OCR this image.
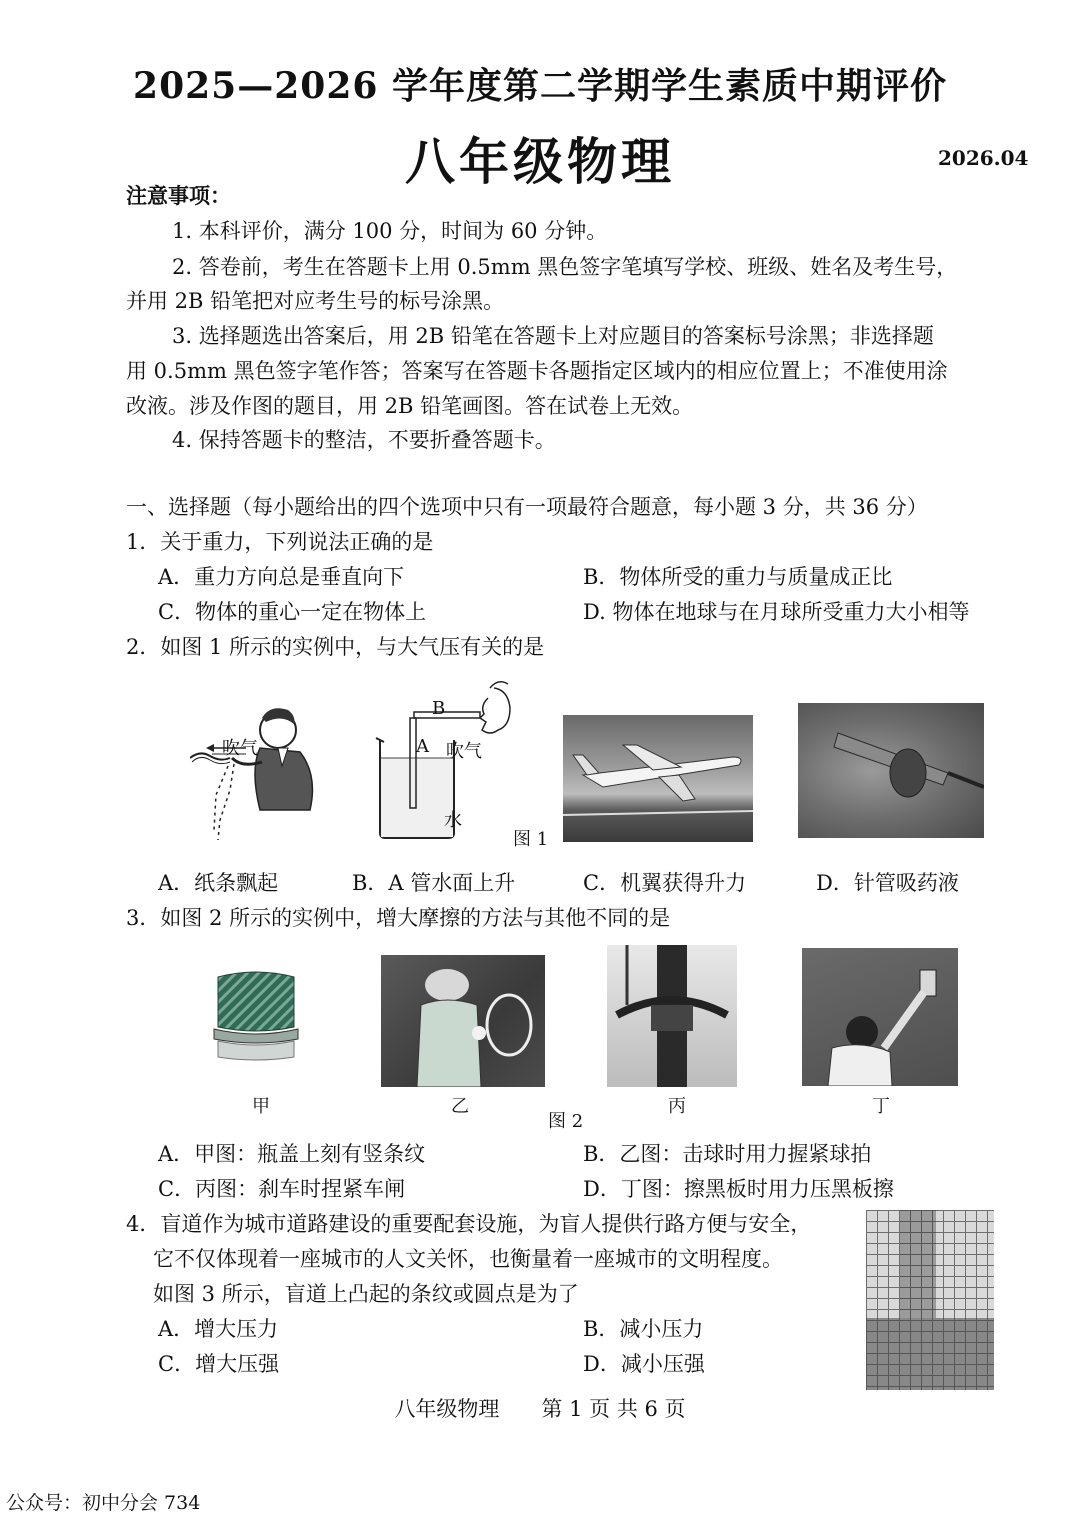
2025—2026 学年度第二学期学生素质中期评价
八年级物理	2026.04
注意事项：
1. 本科评价，满分 100 分，时间为 60 分钟。
2. 答卷前，考生在答题卡上用 0.5mm 黑色签字笔填写学校、班级、姓名及考生号，
并用 2B 铅笔把对应考生号的标号涂黑。
3. 选择题选出答案后，用 2B 铅笔在答题卡上对应题目的答案标号涂黑；非选择题
用 0.5mm 黑色签字笔作答；答案写在答题卡各题指定区域内的相应位置上；不准使用涂
改液。涉及作图的题目，用 2B 铅笔画图。答在试卷上无效。
4. 保持答题卡的整洁，不要折叠答题卡。
一、选择题（每小题给出的四个选项中只有一项最符合题意，每小题 3 分，共 36 分）
1．关于重力，下列说法正确的是
A．重力方向总是垂直向下	B．物体所受的重力与质量成正比
C．物体的重心一定在物体上	D. 物体在地球与在月球所受重力大小相等
2．如图 1 所示的实例中，与大气压有关的是
吹气
B
A 吹气
水
图 1
A．纸条飘起	B．A 管水面上升	C．机翼获得升力	D．针管吸药液
3．如图 2 所示的实例中，增大摩擦的方法与其他不同的是
甲	乙
图 2
丙	丁
A．甲图：瓶盖上刻有竖条纹	B．乙图：击球时用力握紧球拍
C．丙图：刹车时捏紧车闸	D．丁图：擦黑板时用力压黑板擦
4．盲道作为城市道路建设的重要配套设施，为盲人提供行路方便与安全，
它不仅体现着一座城市的人文关怀，也衡量着一座城市的文明程度。
如图 3 所示，盲道上凸起的条纹或圆点是为了
A．增大压力	B．减小压力
C．增大压强	D．减小压强
八年级物理　　第 1 页 共 6 页
公众号：初中分会 734
